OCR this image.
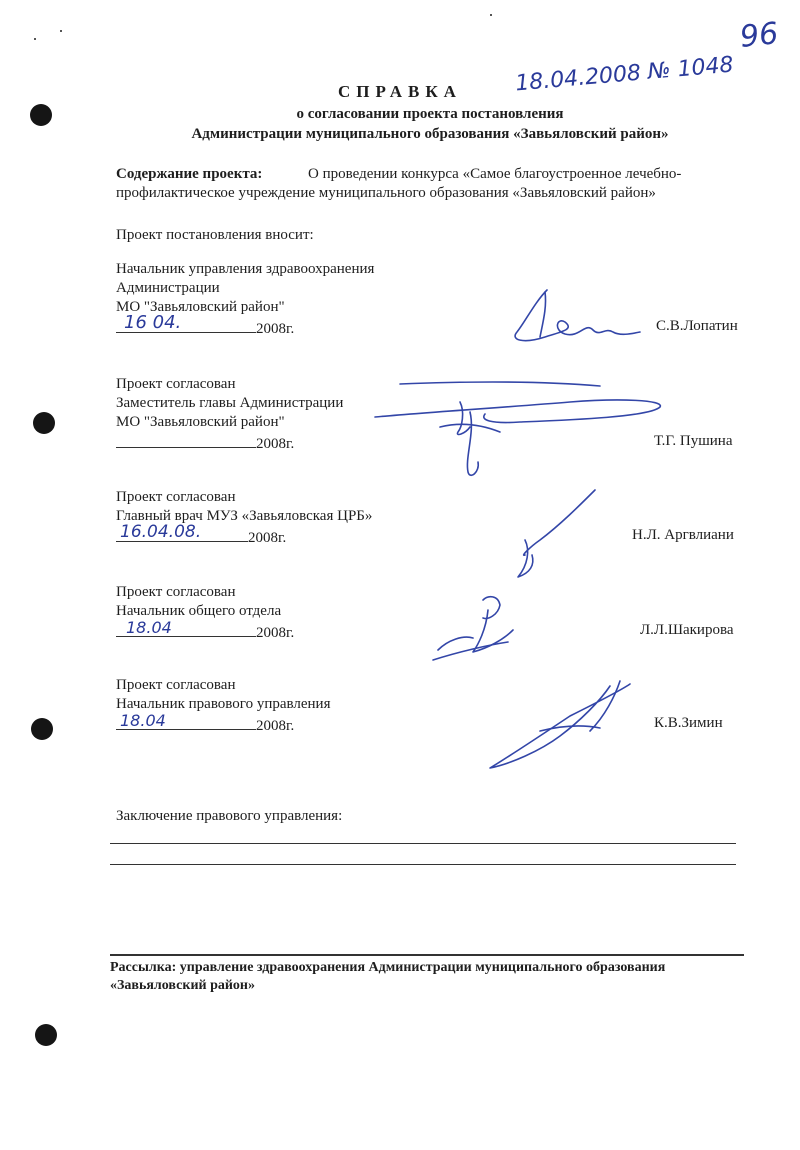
96
СПРАВКА	18.04.2008 № 1048
о согласовании проекта постановления
Администрации муниципального образования «Завьяловский район»
Содержание проекта:	О проведении конкурса «Самое благоустроенное лечебно-
профилактическое учреждение муниципального образования «Завьяловский район»
Проект постановления вносит:
Начальник управления здравоохранения
Администрации
МО "Завьяловский район"
16 04.	2008г.	С.В.Лопатин
Проект согласован
Заместитель главы Администрации
МО "Завьяловский район"
2008г.	Т.Г. Пушина
Проект согласован
Главный врач МУЗ «Завьяловская ЦРБ»
16.04.08.	2008г.	Н.Л. Аргвлиани
Проект согласован
Начальник общего отдела
18.04	2008г.	Л.Л.Шакирова
Проект согласован
Начальник правового управления
18.04	2008г.	К.В.Зимин
Заключение правового управления:
Рассылка: управление здравоохранения Администрации муниципального образования
«Завьяловский район»
